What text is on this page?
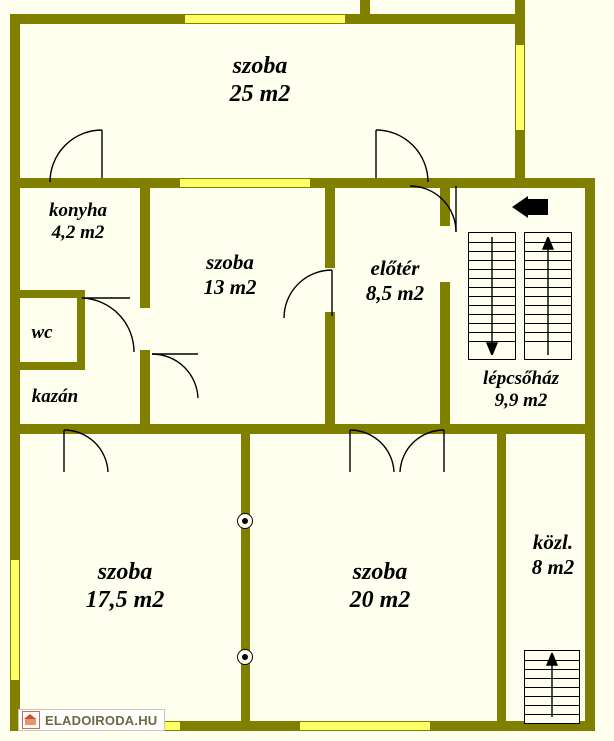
szoba
25 m2
konyha
4,2 m2
szoba
13 m2
előtér
8,5 m2
wc
kazán
lépcsőház
9,9 m2
szoba
17,5 m2
szoba
20 m2
közl.
8 m2
ELADOIRODA.HU
